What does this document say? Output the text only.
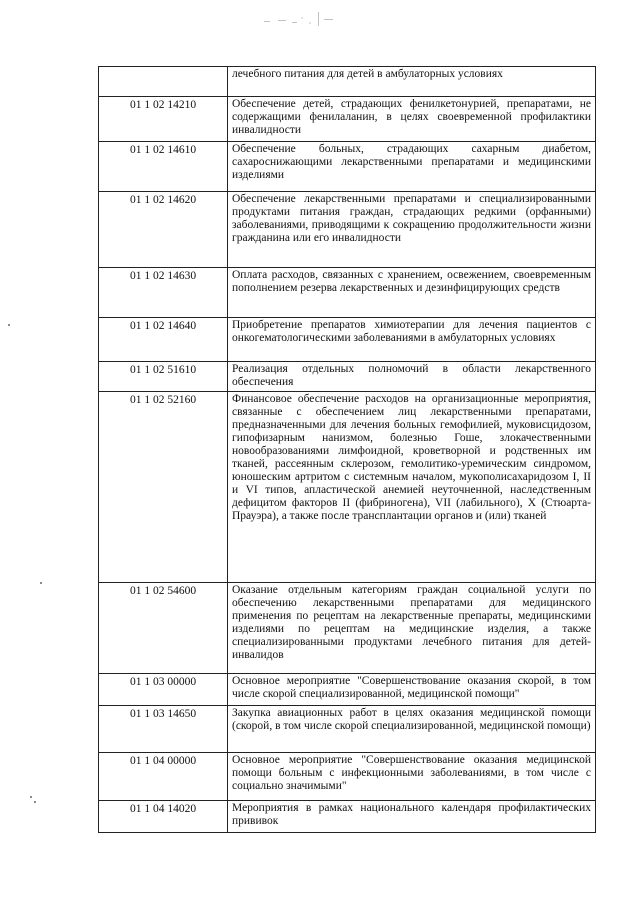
	лечебного питания для детей в амбулаторных условиях
01 1 02 14210	Обеспечение детей, страдающих фенилкетонурией, препаратами, не содержащими фенилаланин, в целях своевременной профилактики инвалидности
01 1 02 14610	Обеспечение больных, страдающих сахарным диабетом, сахароснижающими лекарственными препаратами и медицинскими изделиями
01 1 02 14620	Обеспечение лекарственными препаратами и специализированными продуктами питания граждан, страдающих редкими (орфанными) заболеваниями, приводящими к сокращению продолжительности жизни гражданина или его инвалидности
01 1 02 14630	Оплата расходов, связанных с хранением, освежением, своевременным пополнением резерва лекарственных и дезинфицирующих средств
01 1 02 14640	Приобретение препаратов химиотерапии для лечения пациентов с онкогематологическими заболеваниями в амбулаторных условиях
01 1 02 51610	Реализация отдельных полномочий в области лекарственного обеспечения
01 1 02 52160	Финансовое обеспечение расходов на организационные мероприятия, связанные с обеспечением лиц лекарственными препаратами, предназначенными для лечения больных гемофилией, муковисцидозом, гипофизарным нанизмом, болезнью Гоше, злокачественными новообразованиями лимфоидной, кроветворной и родственных им тканей, рассеянным склерозом, гемолитико-уремическим синдромом, юношеским артритом с системным началом, мукополисахаридозом I, II и VI типов, апластической анемией неуточненной, наследственным дефицитом факторов II (фибриногена), VII (лабильного), X (Стюарта-Прауэра), а также после трансплантации органов и (или) тканей
01 1 02 54600	Оказание отдельным категориям граждан социальной услуги по обеспечению лекарственными препаратами для медицинского применения по рецептам на лекарственные препараты, медицинскими изделиями по рецептам на медицинские изделия, а также специализированными продуктами лечебного питания для детей-инвалидов
01 1 03 00000	Основное мероприятие "Совершенствование оказания скорой, в том числе скорой специализированной, медицинской помощи"
01 1 03 14650	Закупка авиационных работ в целях оказания медицинской помощи (скорой, в том числе скорой специализированной, медицинской помощи)
01 1 04 00000	Основное мероприятие "Совершенствование оказания медицинской помощи больным с инфекционными заболеваниями, в том числе с социально значимыми"
01 1 04 14020	Мероприятия в рамках национального календаря профилактических прививок
